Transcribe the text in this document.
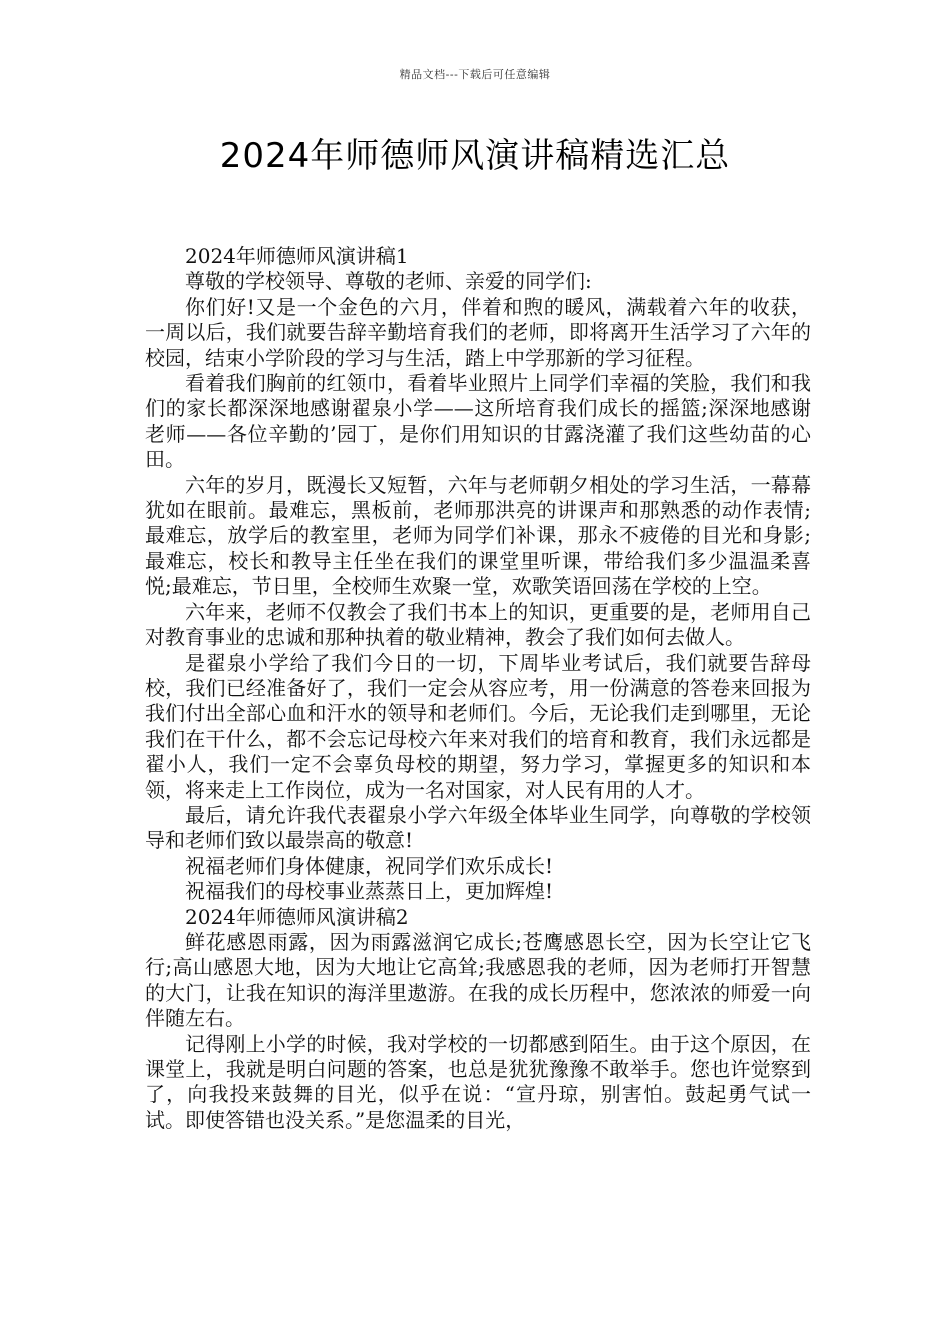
精品文档---下载后可任意编辑
2024年师德师风演讲稿精选汇总

2024年师德师风演讲稿1

尊敬的学校领导、尊敬的老师、亲爱的同学们:

你们好!又是一个金色的六月，伴着和煦的暖风，满载着六年的收获，一周以后，我们就要告辞辛勤培育我们的老师，即将离开生活学习了六年的校园，结束小学阶段的学习与生活，踏上中学那新的学习征程。

看着我们胸前的红领巾，看着毕业照片上同学们幸福的笑脸，我们和我们的家长都深深地感谢翟泉小学——这所培育我们成长的摇篮;深深地感谢老师——各位辛勤的’园丁，是你们用知识的甘露浇灌了我们这些幼苗的心田。

六年的岁月，既漫长又短暂，六年与老师朝夕相处的学习生活，一幕幕犹如在眼前。最难忘，黑板前，老师那洪亮的讲课声和那熟悉的动作表情;最难忘，放学后的教室里，老师为同学们补课，那永不疲倦的目光和身影;最难忘，校长和教导主任坐在我们的课堂里听课，带给我们多少温温柔喜悦;最难忘，节日里，全校师生欢聚一堂，欢歌笑语回荡在学校的上空。

六年来，老师不仅教会了我们书本上的知识，更重要的是，老师用自己对教育事业的忠诚和那种执着的敬业精神，教会了我们如何去做人。

是翟泉小学给了我们今日的一切，下周毕业考试后，我们就要告辞母校，我们已经准备好了，我们一定会从容应考，用一份满意的答卷来回报为我们付出全部心血和汗水的领导和老师们。今后，无论我们走到哪里，无论我们在干什么，都不会忘记母校六年来对我们的培育和教育，我们永远都是翟小人，我们一定不会辜负母校的期望，努力学习，掌握更多的知识和本领，将来走上工作岗位，成为一名对国家，对人民有用的人才。

最后，请允许我代表翟泉小学六年级全体毕业生同学，向尊敬的学校领导和老师们致以最崇高的敬意!

祝福老师们身体健康，祝同学们欢乐成长!

祝福我们的母校事业蒸蒸日上，更加辉煌!

2024年师德师风演讲稿2

鲜花感恩雨露，因为雨露滋润它成长;苍鹰感恩长空，因为长空让它飞行;高山感恩大地，因为大地让它高耸;我感恩我的老师，因为老师打开智慧的大门，让我在知识的海洋里遨游。在我的成长历程中，您浓浓的师爱一向伴随左右。

记得刚上小学的时候，我对学校的一切都感到陌生。由于这个原因，在课堂上，我就是明白问题的答案，也总是犹犹豫豫不敢举手。您也许觉察到了，向我投来鼓舞的目光，似乎在说：“宣丹琼，别害怕。鼓起勇气试一试。即使答错也没关系。”是您温柔的目光，
